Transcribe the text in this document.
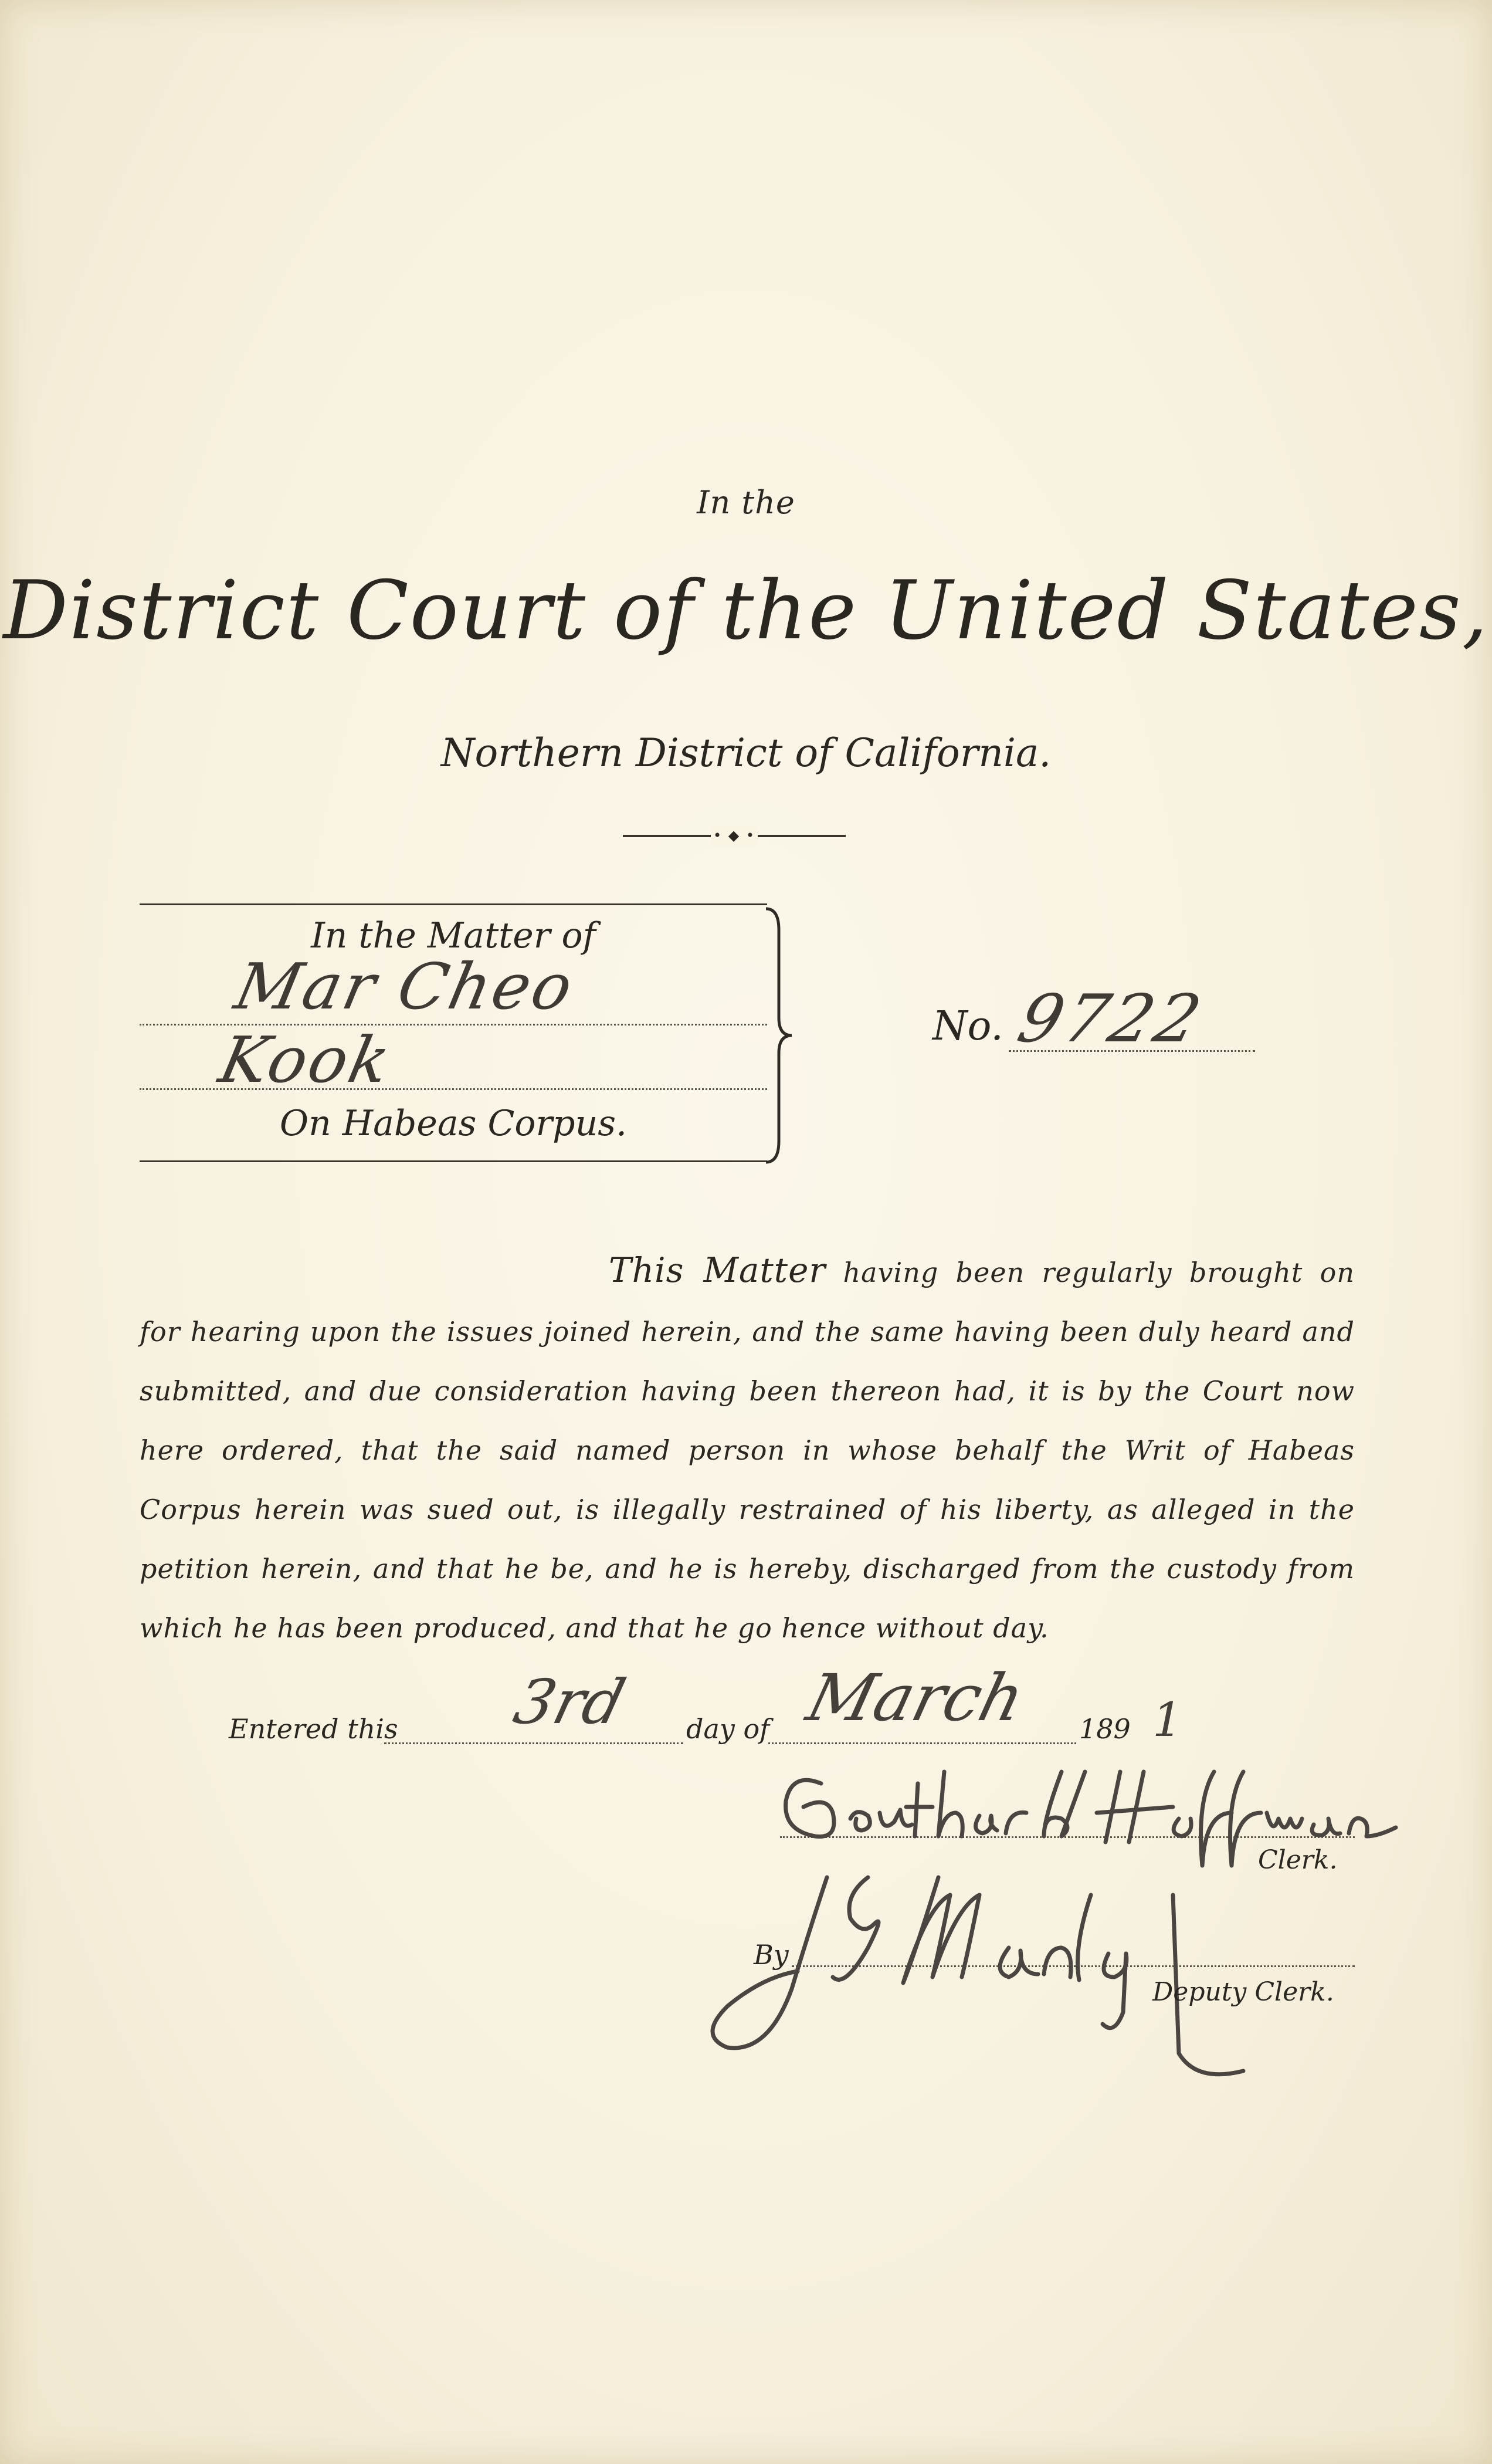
In the
District Court of the United States,
Northern District of California.
• ◆ •
In the Matter of
Mar Cheo Kook
On Habeas Corpus.
No. 9722
This Matter having been regularly brought on for hearing upon the issues joined herein, and the same having been duly heard and submitted, and due consideration having been thereon had, it is by the Court now here ordered, that the said named person in whose behalf the Writ of Habeas Corpus herein was sued out, is illegally restrained of his liberty, as alleged in the petition herein, and that he be, and he is hereby, discharged from the custody from which he has been produced, and that he go hence without day.
Entered this 3rd day of March 189 1
Clerk.
By
Deputy Clerk.
